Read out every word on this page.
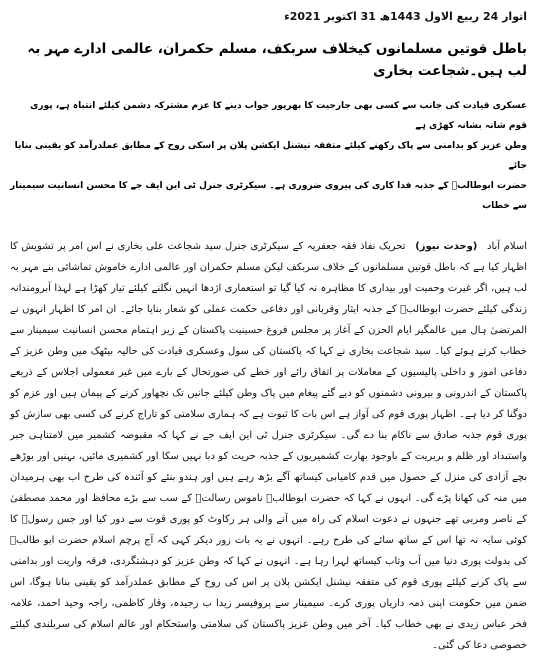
اتوار 24 ربیع الاول 1443ھ 31 اکتوبر 2021ء
باطل قوتیں مسلمانوں کیخلاف سربکف، مسلم حکمران، عالمی ادارے مہر بہ لب ہیں۔شجاعت بخاری
عسکری قیادت کی جانب سے کسی بھی جارحیت کا بھرپور جواب دینے کا عزم مشترکہ دشمن کیلئے انتباہ ہے، پوری قوم شانہ بشانہ کھڑی ہے
وطن عزیز کو بدامنی سے پاک رکھنے کیلئے متفقہ نیشنل ایکشن پلان پر اسکی روح کے مطابق عملدرآمد کو یقینی بنایا جائے
حضرت ابوطالبؑ کے جذبہ فدا کاری کی پیروی ضروری ہے۔ سیکرٹری جنرل ٹی این ایف جے کا محسن انسانیت سیمینار سے خطاب

اسلام آباد (وحدت نیوز) تحریک نفاذ فقہ جعفریہ کے سیکرٹری جنرل سید شجاعت علی بخاری نے اس امر پر تشویش کا اظہار کیا ہے کہ باطل قوتیں مسلمانوں کے خلاف سربکف لیکن مسلم حکمران اور عالمی ادارے خاموش تماشائی بنے مہر بہ لب ہیں، اگر غیرت وحمیت اور بیداری کا مظاہرہ نہ کیا گیا تو استعماری اژدھا انہیں نگلنے کیلئے تیار کھڑا ہے لہذا آبرومندانہ زندگی کیلئے حضرت ابوطالبؑ کے جذبہ ایثار وقربانی اور دفاعی حکمت عملی کو شعار بنایا جائے۔ ان امر کا اظہار انہوں نے المرتضیٰ ہال میں عالمگیر ایام الحزن کے آغاز پر مجلس فروغ حسینیت پاکستان کے زیر اہتمام محسن انسانیت سیمینار سے خطاب کرتے ہوئے کیا۔ سید شجاعت بخاری نے کہا کہ پاکستان کی سول وعسکری قیادت کی حالیہ بیٹھک میں وطن عزیز کے دفاعی امور و داخلی پالیسیوں کے معاملات پر اتفاق رائے اور خطے کی صورتحال کے بارے میں غیر معمولی اجلاس کے ذریعے پاکستان کے اندرونی و بیرونی دشمنوں کو دیے گئے پیغام میں پاک وطن کیلئے جانیں تک نچھاور کرنے کے پیمان ہیں اور عزم کو دوگنا کر دیا ہے۔ اظہار پوری قوم کی آواز ہے اس بات کا ثبوت ہے کہ ہماری سلامتی کو تاراج کرنے کی کسی بھی سازش کو پوری قوم جذبہ صادق سے ناکام بنا دے گی۔ سیکرٹری جنرل ٹی این ایف جے نے کہا کہ مقبوضہ کشمیر میں لامتناہی جبر واستبداد اور ظلم و بربریت کے باوجود بھارت کشمیریوں کے جذبہ حریت کو دبا نہیں سکا اور کشمیری مائیں، بہنیں اور بوڑھے بچے آزادی کی منزل کے حصول میں قدم کامیابی کیساتھ آگے بڑھ رہے ہیں اور ہندو بنئے کو آئندہ کی طرح اب بھی ہرمیدان میں منہ کی کھانا پڑے گی۔ انہوں نے کہا کہ حضرت ابوطالبؑ ناموس رسالتؐ کے سب سے بڑے محافظ اور محمد مصطفیٰ کے ناصر ومربی تھے جنہوں نے دعوت اسلام کی راہ میں آنے والی ہر رکاوٹ کو پوری قوت سے دور کیا اور جس رسولؐ کا کوئی سایہ نہ تھا اس کے ساتھ سائے کی طرح رہے۔ انہوں نے یہ بات زور دیکر کہی کہ آج پرچم اسلام حضرت ابو طالبؑ کی بدولت پوری دنیا میں آب وتاب کیساتھ لہرا رہا ہے۔ انہوں نے کہا کہ وطن عزیز کو دہشتگردی، فرقہ واریت اور بدامنی سے پاک کرنے کیلئے پوری قوم کی متفقہ نیشنل ایکشن پلان پر اس کی روح کے مطابق عملدرآمد کو یقینی بنانا ہوگا، اس ضمن میں حکومت اپنی ذمہ داریاں پوری کرے۔ سیمینار سے پروفیسر زیدا ب رجیدہ، وقار کاظمی، راجہ وحید احمد، علامہ فخر عباس زیدی نے بھی خطاب کیا۔ آخر میں وطن عزیز پاکستان کی سلامتی واستحکام اور عالم اسلام کی سربلندی کیلئے خصوصی دعا کی گئی۔
